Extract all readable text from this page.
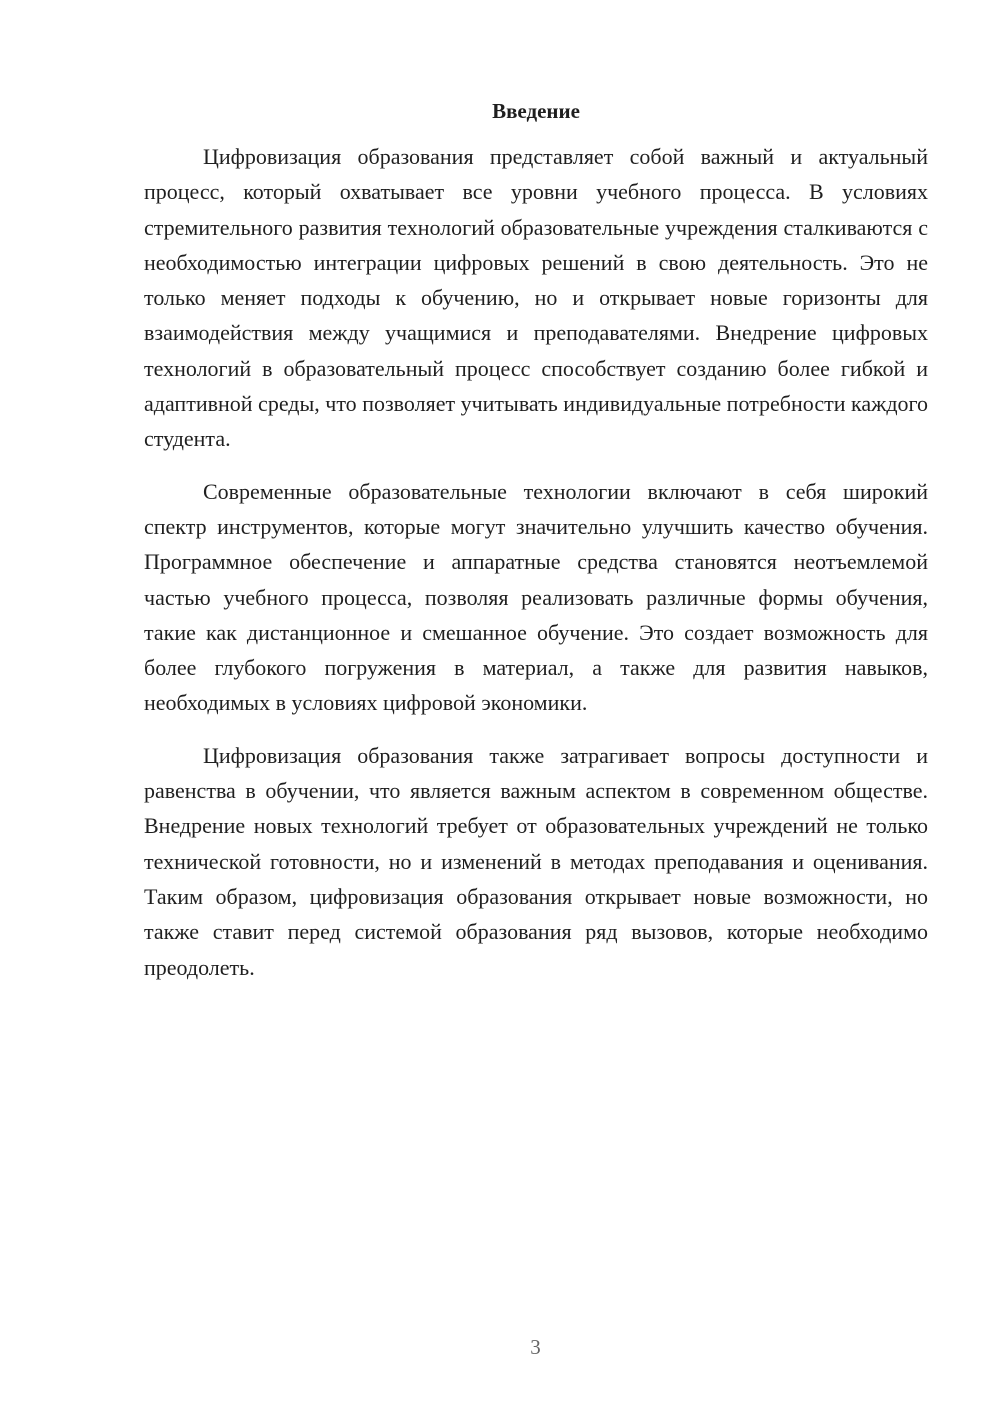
Введение

Цифровизация образования представляет собой важный и актуальный процесс, который охватывает все уровни учебного процесса. В условиях стремительного развития технологий образовательные учреждения сталкиваются с необходимостью интеграции цифровых решений в свою деятельность. Это не только меняет подходы к обучению, но и открывает новые горизонты для взаимодействия между учащимися и преподавателями. Внедрение цифровых технологий в образовательный процесс способствует созданию более гибкой и адаптивной среды, что позволяет учитывать индивидуальные потребности каждого студента.

Современные образовательные технологии включают в себя широкий спектр инструментов, которые могут значительно улучшить качество обучения. Программное обеспечение и аппаратные средства становятся неотъемлемой частью учебного процесса, позволяя реализовать различные формы обучения, такие как дистанционное и смешанное обучение. Это создает возможность для более глубокого погружения в материал, а также для развития навыков, необходимых в условиях цифровой экономики.

Цифровизация образования также затрагивает вопросы доступности и равенства в обучении, что является важным аспектом в современном обществе. Внедрение новых технологий требует от образовательных учреждений не только технической готовности, но и изменений в методах преподавания и оценивания. Таким образом, цифровизация образования открывает новые возможности, но также ставит перед системой образования ряд вызовов, которые необходимо преодолеть.

3
